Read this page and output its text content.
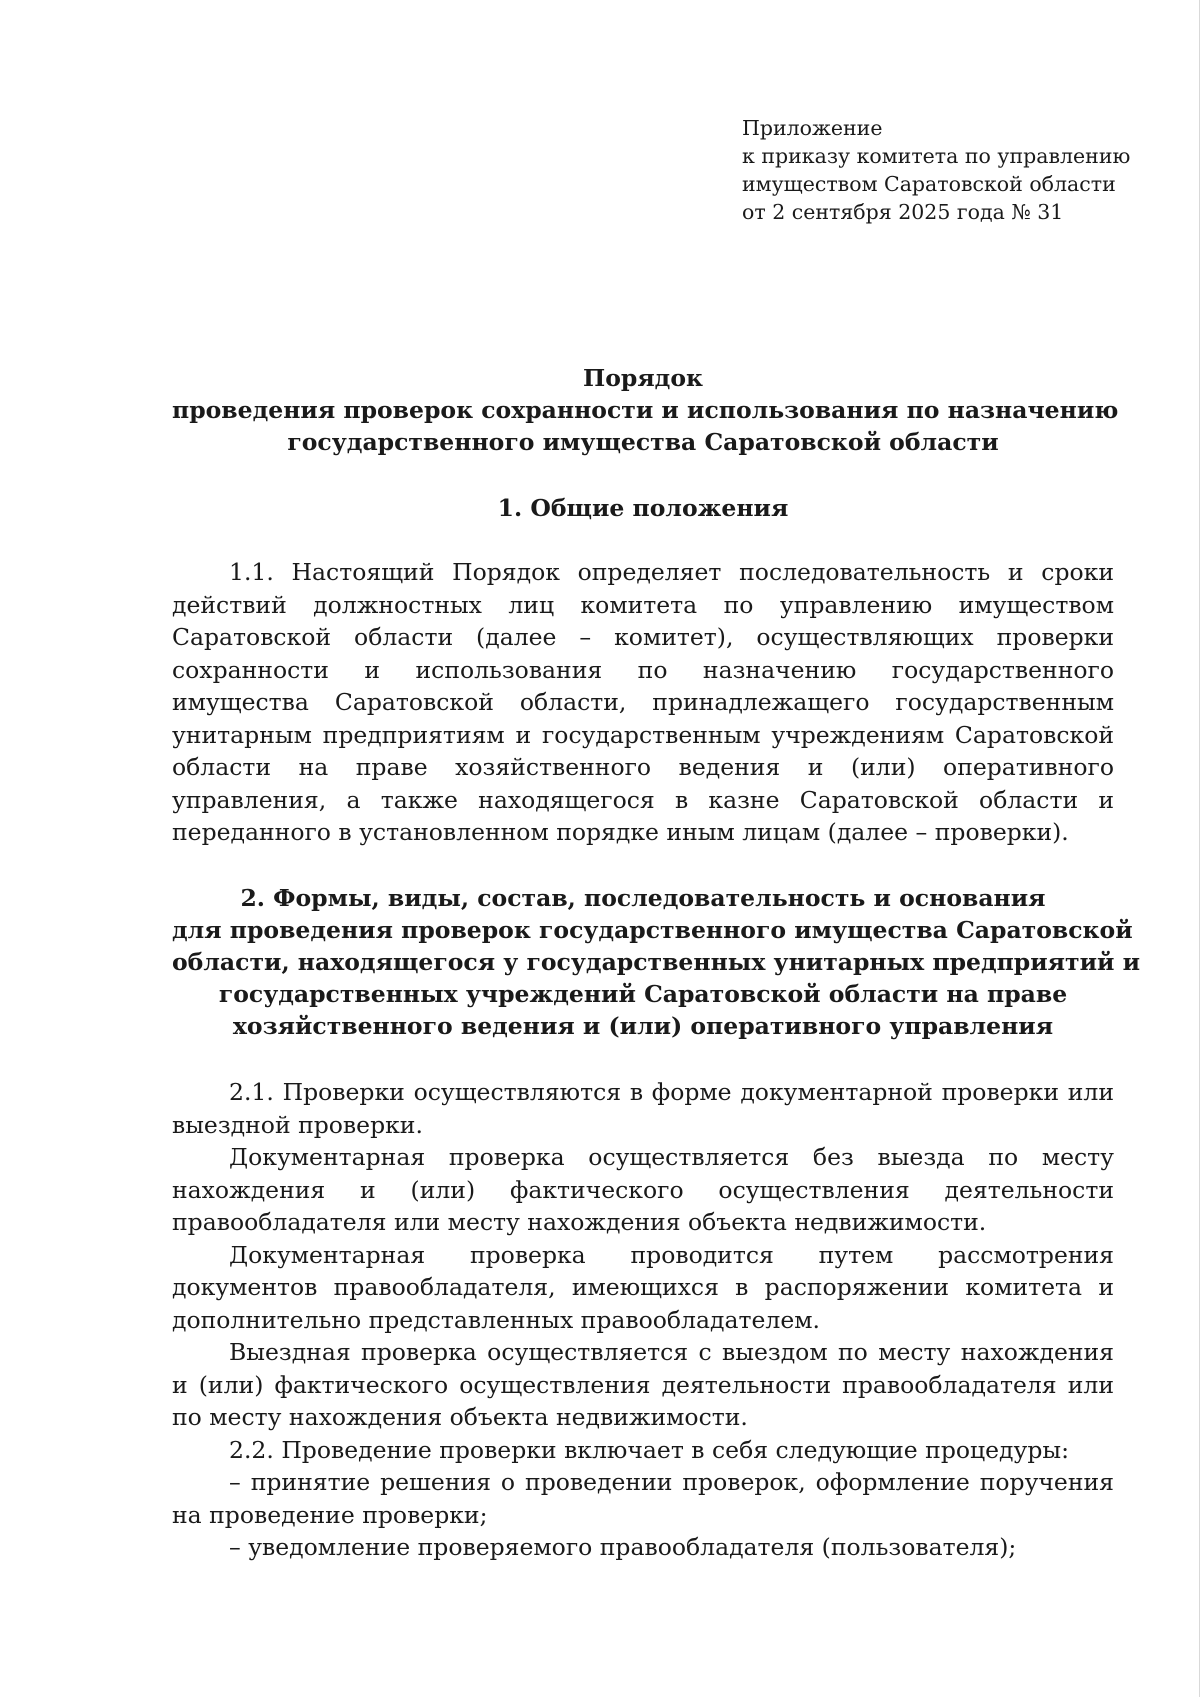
Приложение
к приказу комитета по управлению
имуществом Саратовской области
от 2 сентября 2025 года № 31
Порядок
проведения проверок сохранности и использования по назначению
государственного имущества Саратовской области
1. Общие положения

1.1. Настоящий Порядок определяет последовательность и сроки действий должностных лиц комитета по управлению имуществом Саратовской области (далее – комитет), осуществляющих проверки сохранности и использования по назначению государственного имущества Саратовской области, принадлежащего государственным унитарным предприятиям и государственным учреждениям Саратовской области на праве хозяйственного ведения и (или) оперативного управления, а также находящегося в казне Саратовской области и переданного в установленном порядке иным лицам (далее – проверки).

2. Формы, виды, состав, последовательность и основания
для проведения проверок государственного имущества Саратовской
области, находящегося у государственных унитарных предприятий и
государственных учреждений Саратовской области на праве
хозяйственного ведения и (или) оперативного управления

2.1. Проверки осуществляются в форме документарной проверки или выездной проверки.

Документарная проверка осуществляется без выезда по месту нахождения и (или) фактического осуществления деятельности правообладателя или месту нахождения объекта недвижимости.

Документарная проверка проводится путем рассмотрения документов правообладателя, имеющихся в распоряжении комитета и дополнительно представленных правообладателем.

Выездная проверка осуществляется с выездом по месту нахождения и (или) фактического осуществления деятельности правообладателя или по месту нахождения объекта недвижимости.

2.2. Проведение проверки включает в себя следующие процедуры:

– принятие решения о проведении проверок, оформление поручения на проведение проверки;

– уведомление проверяемого правообладателя (пользователя);
